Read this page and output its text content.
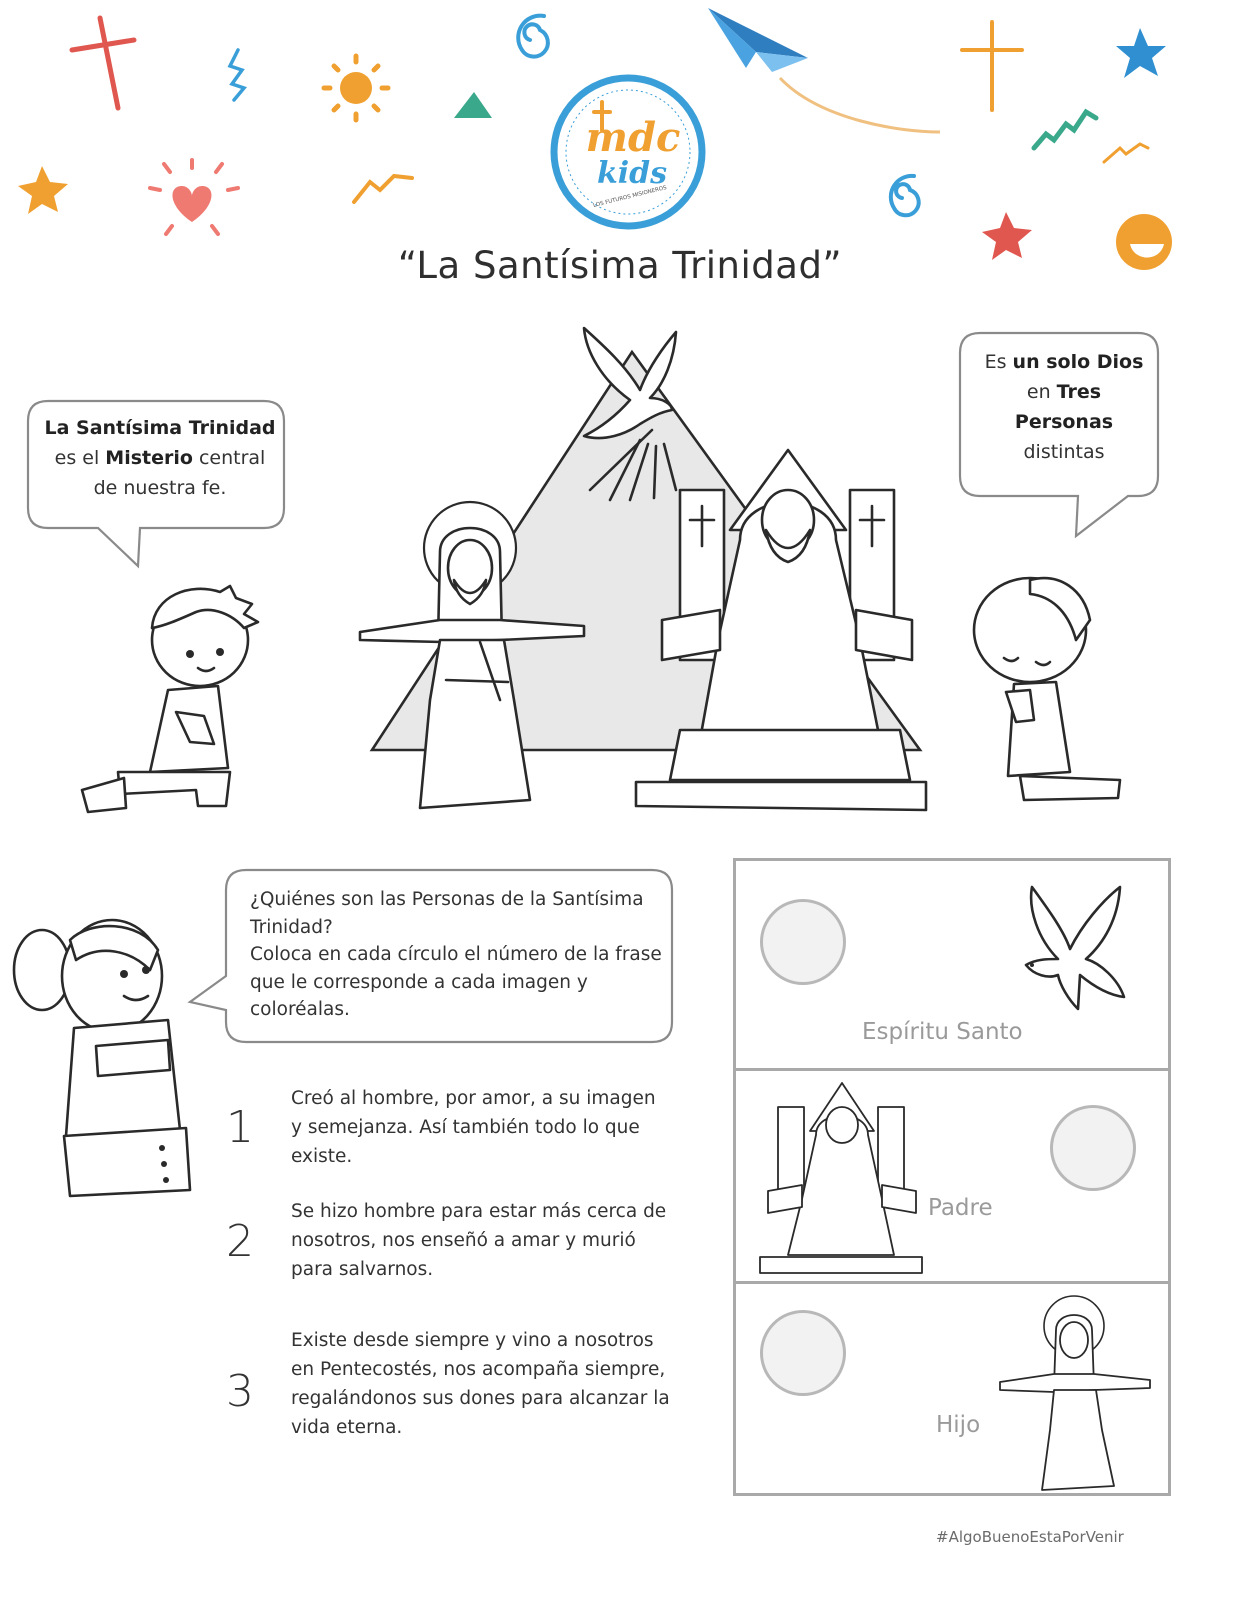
mdc
kids
LOS FUTUROS MISIONEROS
“La Santísima Trinidad”
La Santísima Trinidad
es el Misterio central
de nuestra fe.
Es un solo Dios
en Tres
Personas
distintas
¿Quiénes son las Personas de la Santísima Trinidad?
Coloca en cada círculo el número de la frase que le corresponde a cada imagen y coloréalas.
1
Creó al hombre, por amor, a su imagen y semejanza. Así también todo lo que existe.
2
Se hizo hombre para estar más cerca de nosotros, nos enseñó a amar y murió para salvarnos.
3
Existe desde siempre y vino a nosotros en Pentecostés, nos acompaña siempre, regalándonos sus dones para alcanzar la vida eterna.
Espíritu Santo
Padre
Hijo
#AlgoBuenoEstaPorVenir
